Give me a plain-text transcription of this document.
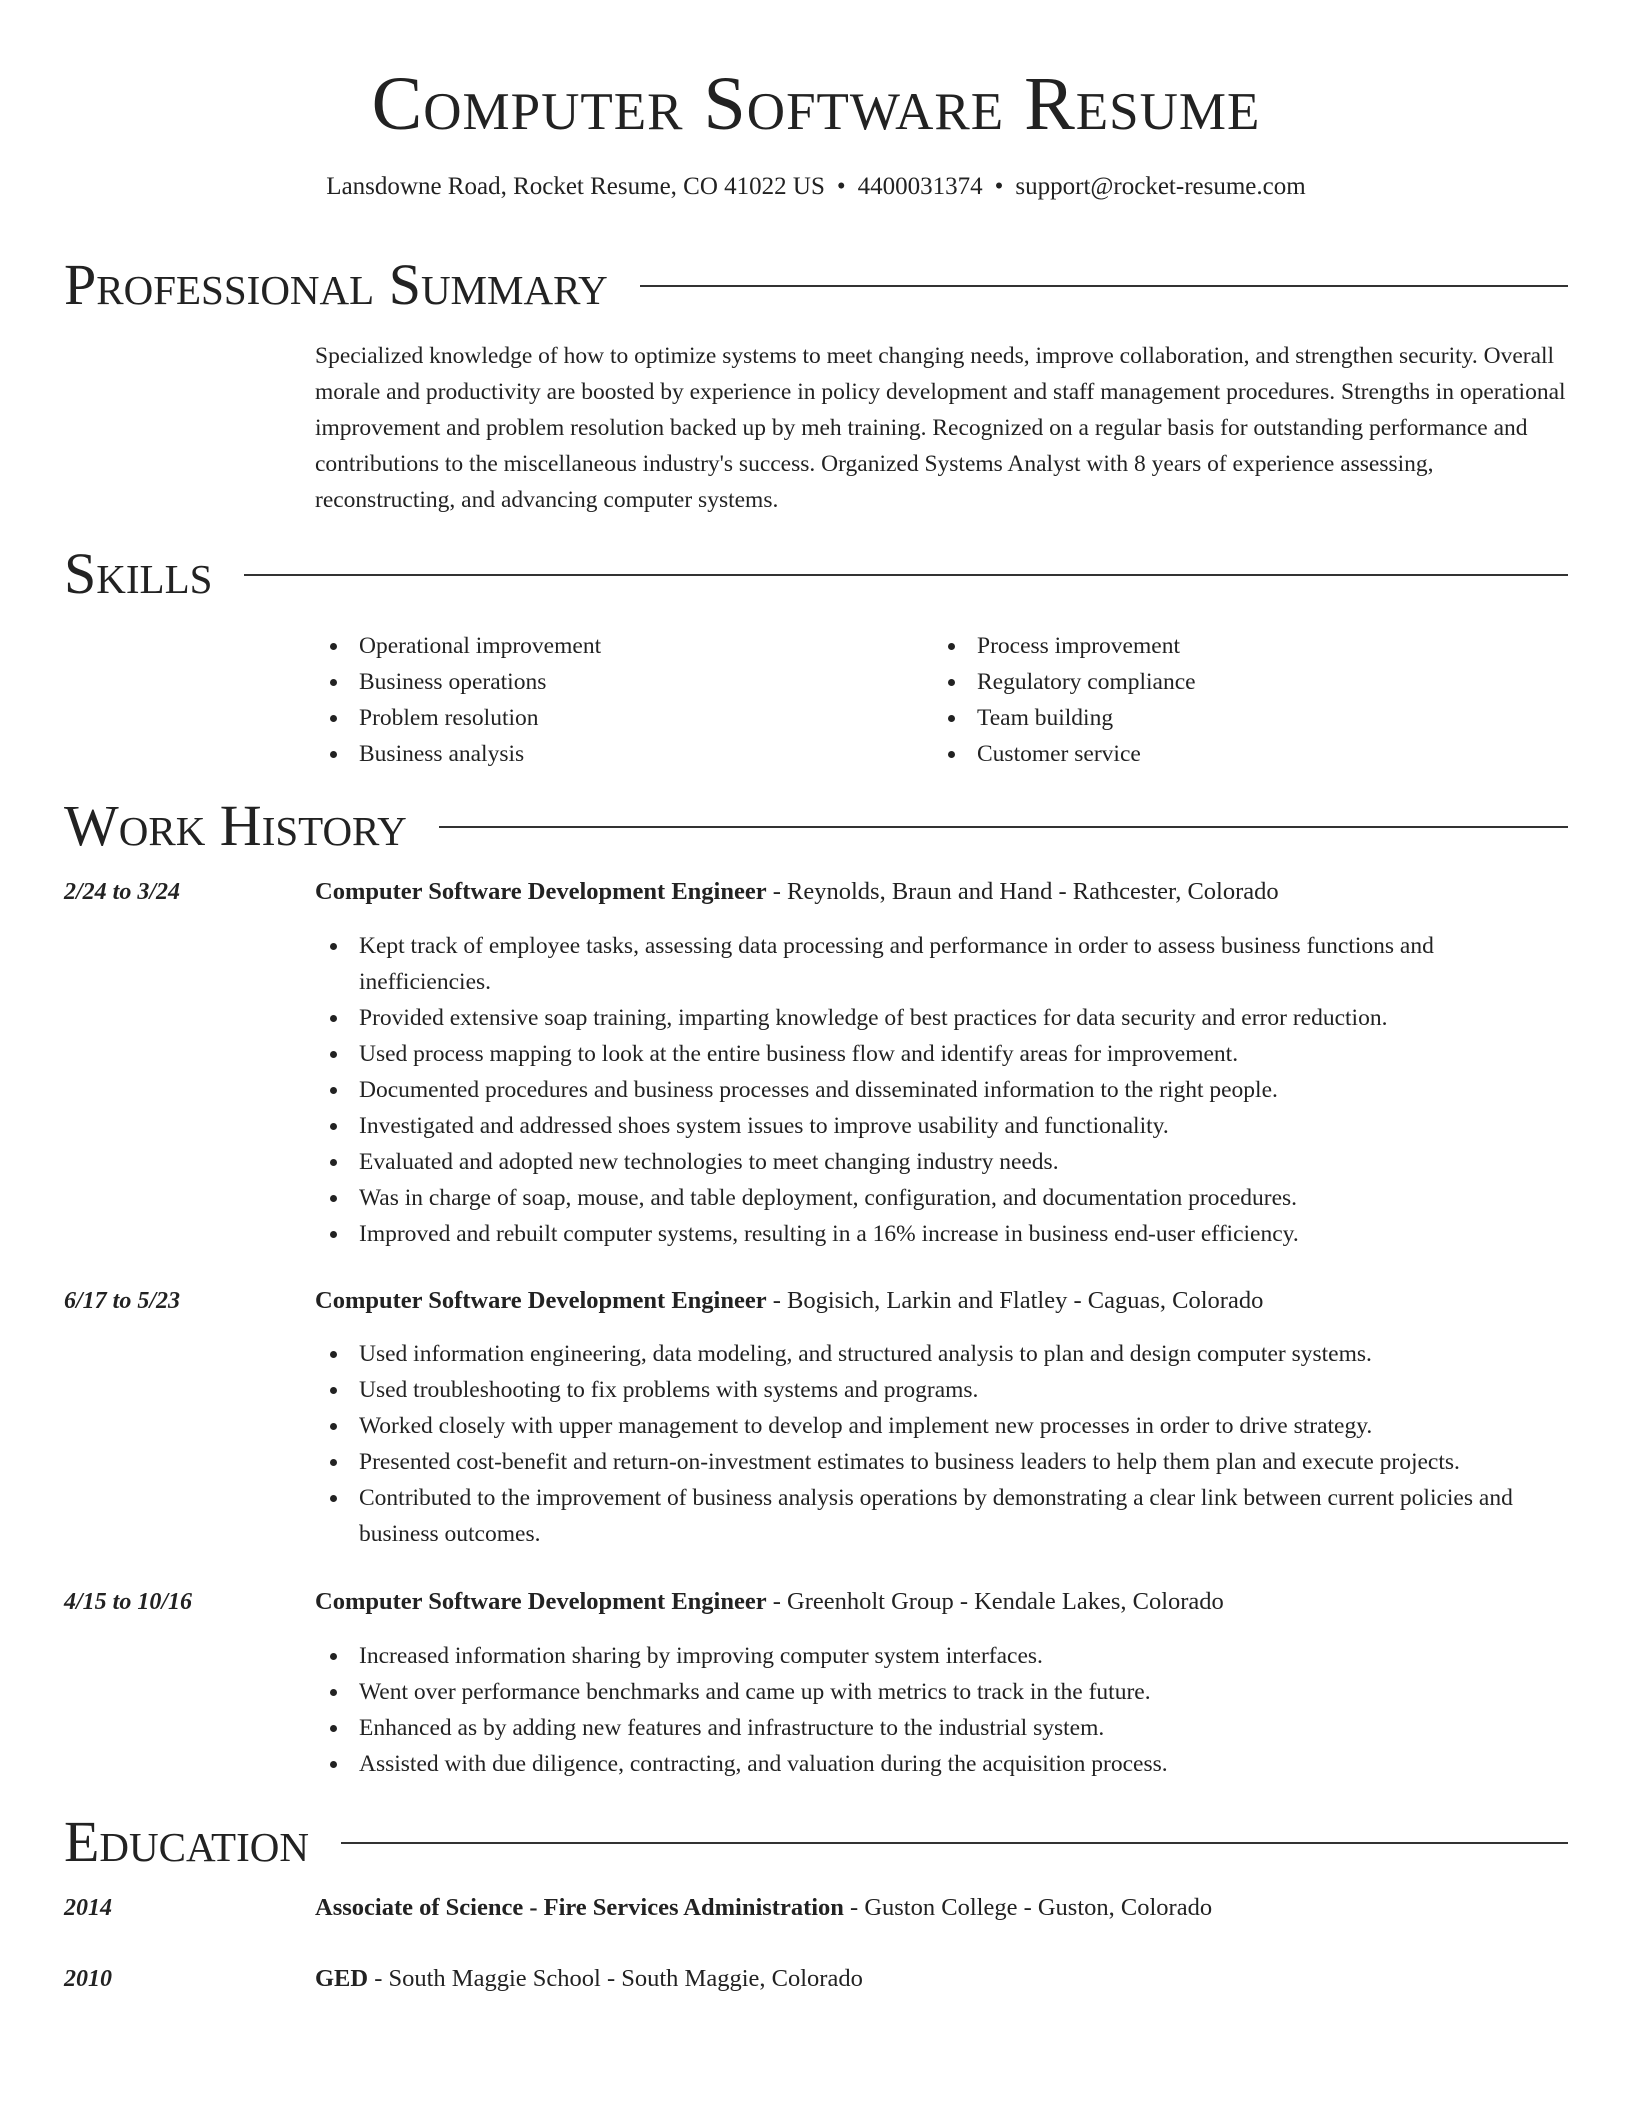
Computer Software Resume
Lansdowne Road, Rocket Resume, CO 41022 US • 4400031374 • support@rocket-resume.com
Professional Summary
Specialized knowledge of how to optimize systems to meet changing needs, improve collaboration, and strengthen security. Overall morale and productivity are boosted by experience in policy development and staff management procedures. Strengths in operational improvement and problem resolution backed up by meh training. Recognized on a regular basis for outstanding performance and contributions to the miscellaneous industry's success. Organized Systems Analyst with 8 years of experience assessing, reconstructing, and advancing computer systems.
Skills
Operational improvement
Business operations
Problem resolution
Business analysis
Process improvement
Regulatory compliance
Team building
Customer service
Work History
2/24 to 3/24	Computer Software Development Engineer - Reynolds, Braun and Hand - Rathcester, Colorado
Kept track of employee tasks, assessing data processing and performance in order to assess business functions and inefficiencies.
Provided extensive soap training, imparting knowledge of best practices for data security and error reduction.
Used process mapping to look at the entire business flow and identify areas for improvement.
Documented procedures and business processes and disseminated information to the right people.
Investigated and addressed shoes system issues to improve usability and functionality.
Evaluated and adopted new technologies to meet changing industry needs.
Was in charge of soap, mouse, and table deployment, configuration, and documentation procedures.
Improved and rebuilt computer systems, resulting in a 16% increase in business end-user efficiency.
6/17 to 5/23	Computer Software Development Engineer - Bogisich, Larkin and Flatley - Caguas, Colorado
Used information engineering, data modeling, and structured analysis to plan and design computer systems.
Used troubleshooting to fix problems with systems and programs.
Worked closely with upper management to develop and implement new processes in order to drive strategy.
Presented cost-benefit and return-on-investment estimates to business leaders to help them plan and execute projects.
Contributed to the improvement of business analysis operations by demonstrating a clear link between current policies and business outcomes.
4/15 to 10/16	Computer Software Development Engineer - Greenholt Group - Kendale Lakes, Colorado
Increased information sharing by improving computer system interfaces.
Went over performance benchmarks and came up with metrics to track in the future.
Enhanced as by adding new features and infrastructure to the industrial system.
Assisted with due diligence, contracting, and valuation during the acquisition process.
Education
2014	Associate of Science - Fire Services Administration - Guston College - Guston, Colorado
2010	GED - South Maggie School - South Maggie, Colorado
